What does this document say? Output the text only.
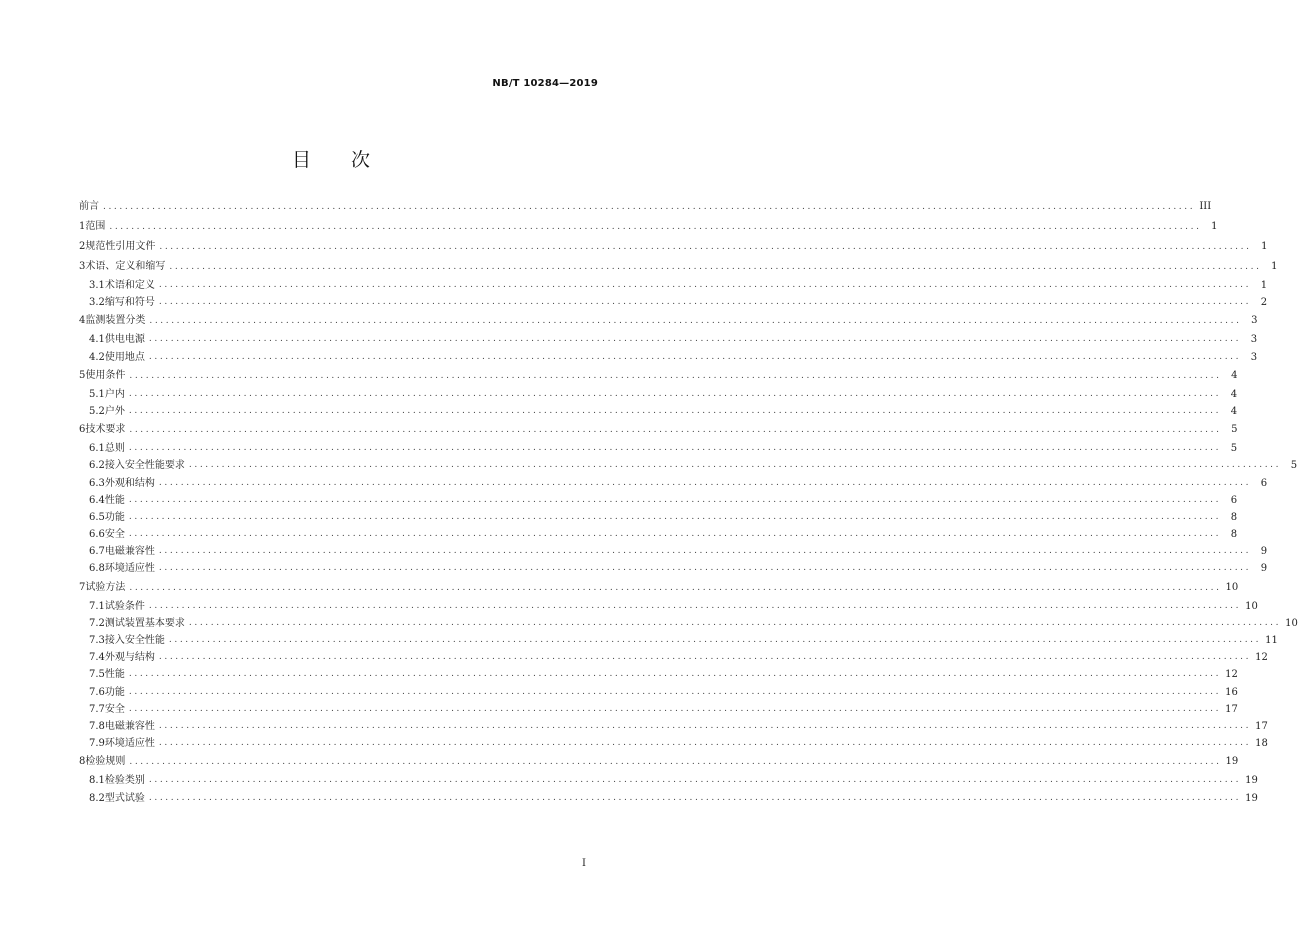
NB/T 10284—2019
目 次
前言 ........................................................................................................................................................................................................ III
1 范围 ........................................................................................................................................................................................................ 1
2 规范性引用文件 ........................................................................................................................................................................................................ 1
3 术语、定义和缩写 ........................................................................................................................................................................................................ 1
3.1 术语和定义 ........................................................................................................................................................................................................ 1
3.2 缩写和符号 ........................................................................................................................................................................................................ 2
4 监测装置分类 ........................................................................................................................................................................................................ 3
4.1 供电电源 ........................................................................................................................................................................................................ 3
4.2 使用地点 ........................................................................................................................................................................................................ 3
5 使用条件 ........................................................................................................................................................................................................ 4
5.1 户内 ........................................................................................................................................................................................................ 4
5.2 户外 ........................................................................................................................................................................................................ 4
6 技术要求 ........................................................................................................................................................................................................ 5
6.1 总则 ........................................................................................................................................................................................................ 5
6.2 接入安全性能要求 ........................................................................................................................................................................................................ 5
6.3 外观和结构 ........................................................................................................................................................................................................ 6
6.4 性能 ........................................................................................................................................................................................................ 6
6.5 功能 ........................................................................................................................................................................................................ 8
6.6 安全 ........................................................................................................................................................................................................ 8
6.7 电磁兼容性 ........................................................................................................................................................................................................ 9
6.8 环境适应性 ........................................................................................................................................................................................................ 9
7 试验方法 ........................................................................................................................................................................................................ 10
7.1 试验条件 ........................................................................................................................................................................................................ 10
7.2 测试装置基本要求 ........................................................................................................................................................................................................ 10
7.3 接入安全性能 ........................................................................................................................................................................................................ 11
7.4 外观与结构 ........................................................................................................................................................................................................ 12
7.5 性能 ........................................................................................................................................................................................................ 12
7.6 功能 ........................................................................................................................................................................................................ 16
7.7 安全 ........................................................................................................................................................................................................ 17
7.8 电磁兼容性 ........................................................................................................................................................................................................ 17
7.9 环境适应性 ........................................................................................................................................................................................................ 18
8 检验规则 ........................................................................................................................................................................................................ 19
8.1 检验类别 ........................................................................................................................................................................................................ 19
8.2 型式试验 ........................................................................................................................................................................................................ 19
I
